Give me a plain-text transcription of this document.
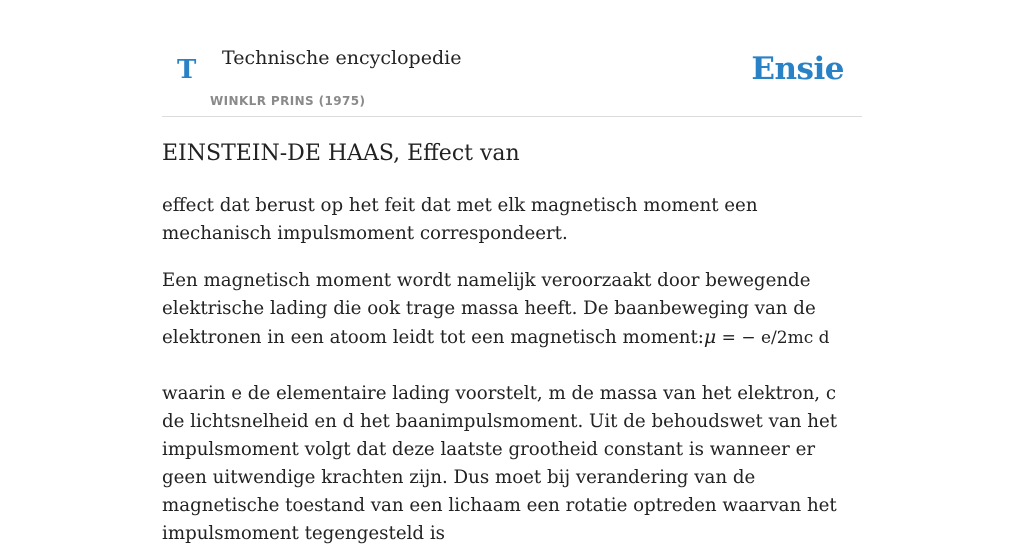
T Technische encyclopedie
WINKLR PRINS (1975)
Ensie
EINSTEIN-DE HAAS, Effect van

effect dat berust op het feit dat met elk magnetisch moment een mechanisch impulsmoment correspondeert.

Een magnetisch moment wordt namelijk veroorzaakt door bewegende elektrische lading die ook trage massa heeft. De baanbeweging van de elektronen in een atoom leidt tot een magnetisch moment:μ = − e/2mc d

waarin e de elementaire lading voorstelt, m de massa van het elektron, c de lichtsnelheid en d het baanimpulsmoment. Uit de behoudswet van het impulsmoment volgt dat deze laatste grootheid constant is wanneer er geen uitwendige krachten zijn. Dus moet bij verandering van de magnetische toestand van een lichaam een rotatie optreden waarvan het impulsmoment tegengesteld is
